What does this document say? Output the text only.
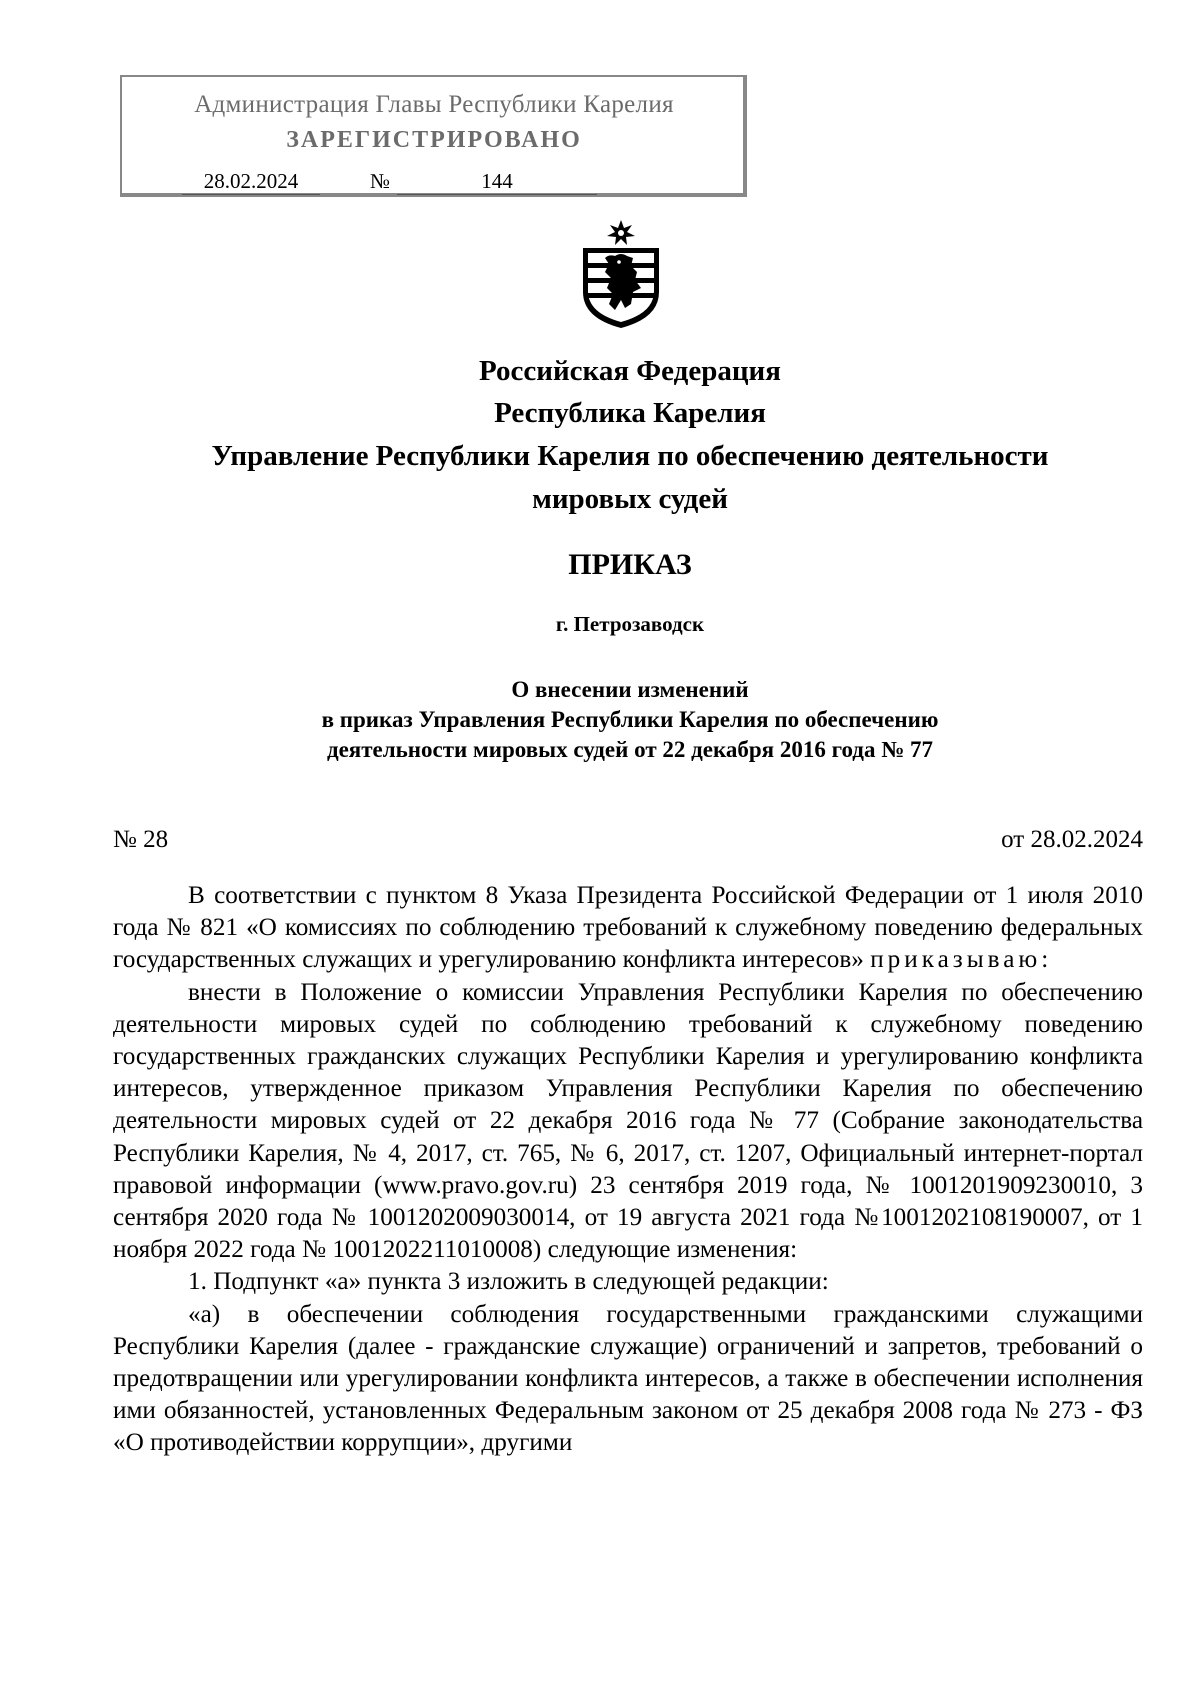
Администрация Главы Республики Карелия
ЗАРЕГИСТРИРОВАНО
28.02.2024	№	144
Российская Федерация
Республика Карелия
Управление Республики Карелия по обеспечению деятельности
мировых судей
ПРИКАЗ
г. Петрозаводск
О внесении изменений
в приказ Управления Республики Карелия по обеспечению
деятельности мировых судей от 22 декабря 2016 года № 77
№ 28	от 28.02.2024

В соответствии с пунктом 8 Указа Президента Российской Федерации от 1 июля 2010 года № 821 «О комиссиях по соблюдению требований к служебному поведению федеральных государственных служащих и урегулированию конфликта интересов» приказываю:

внести в Положение о комиссии Управления Республики Карелия по обеспечению деятельности мировых судей по соблюдению требований к служебному поведению государственных гражданских служащих Республики Карелия и урегулированию конфликта интересов, утвержденное приказом Управления Республики Карелия по обеспечению деятельности мировых судей от 22 декабря 2016 года № 77 (Собрание законодательства Республики Карелия, № 4, 2017, ст. 765, № 6, 2017, ст. 1207, Официальный интернет-портал правовой информации (www.pravo.gov.ru) 23 сентября 2019 года, № 1001201909230010, 3 сентября 2020 года № 1001202009030014, от 19 августа 2021 года №1001202108190007, от 1 ноября 2022 года № 1001202211010008) следующие изменения:

1. Подпункт «а» пункта 3 изложить в следующей редакции:

«а) в обеспечении соблюдения государственными гражданскими служащими Республики Карелия (далее - гражданские служащие) ограничений и запретов, требований о предотвращении или урегулировании конфликта интересов, а также в обеспечении исполнения ими обязанностей, установленных Федеральным законом от 25 декабря 2008 года № 273 - ФЗ «О противодействии коррупции», другими
